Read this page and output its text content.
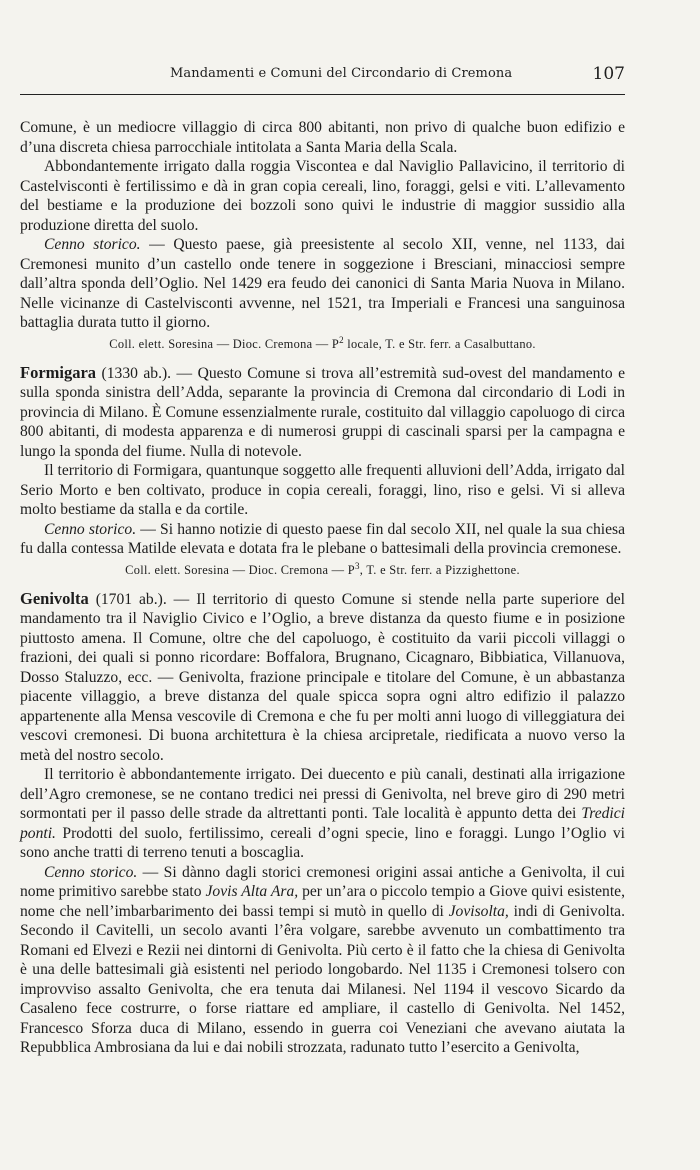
Mandamenti e Comuni del Circondario di Cremona	107

Comune, è un mediocre villaggio di circa 800 abitanti, non privo di qualche buon edifizio e d’una discreta chiesa parrocchiale intitolata a Santa Maria della Scala.

Abbondantemente irrigato dalla roggia Viscontea e dal Naviglio Pallavicino, il territorio di Castelvisconti è fertilissimo e dà in gran copia cereali, lino, foraggi, gelsi e viti. L’allevamento del bestiame e la produzione dei bozzoli sono quivi le industrie di maggior sussidio alla produzione diretta del suolo.

Cenno storico. — Questo paese, già preesistente al secolo XII, venne, nel 1133, dai Cremonesi munito d’un castello onde tenere in soggezione i Bresciani, minacciosi sempre dall’altra sponda dell’Oglio. Nel 1429 era feudo dei canonici di Santa Maria Nuova in Milano. Nelle vicinanze di Castelvisconti avvenne, nel 1521, tra Imperiali e Francesi una sanguinosa battaglia durata tutto il giorno.

Coll. elett. Soresina — Dioc. Cremona — $P^2$ locale, T. e Str. ferr. a Casalbuttano.

Formigara (1330 ab.). — Questo Comune si trova all’estremità sud-ovest del mandamento e sulla sponda sinistra dell’Adda, separante la provincia di Cremona dal circondario di Lodi in provincia di Milano. È Comune essenzialmente rurale, costituito dal villaggio capoluogo di circa 800 abitanti, di modesta apparenza e di numerosi gruppi di cascinali sparsi per la campagna e lungo la sponda del fiume. Nulla di notevole.

Il territorio di Formigara, quantunque soggetto alle frequenti alluvioni dell’Adda, irrigato dal Serio Morto e ben coltivato, produce in copia cereali, foraggi, lino, riso e gelsi. Vi si alleva molto bestiame da stalla e da cortile.

Cenno storico. — Si hanno notizie di questo paese fin dal secolo XII, nel quale la sua chiesa fu dalla contessa Matilde elevata e dotata fra le plebane o battesimali della provincia cremonese.

Coll. elett. Soresina — Dioc. Cremona — $P^3$, T. e Str. ferr. a Pizzighettone.

Genivolta (1701 ab.). — Il territorio di questo Comune si stende nella parte superiore del mandamento tra il Naviglio Civico e l’Oglio, a breve distanza da questo fiume e in posizione piuttosto amena. Il Comune, oltre che del capoluogo, è costituito da varii piccoli villaggi o frazioni, dei quali si ponno ricordare: Boffalora, Brugnano, Cicagnaro, Bibbiatica, Villanuova, Dosso Staluzzo, ecc. — Genivolta, frazione principale e titolare del Comune, è un abbastanza piacente villaggio, a breve distanza del quale spicca sopra ogni altro edifizio il palazzo appartenente alla Mensa vescovile di Cremona e che fu per molti anni luogo di villeggiatura dei vescovi cremonesi. Di buona architettura è la chiesa arcipretale, riedificata a nuovo verso la metà del nostro secolo.

Il territorio è abbondantemente irrigato. Dei duecento e più canali, destinati alla irrigazione dell’Agro cremonese, se ne contano tredici nei pressi di Genivolta, nel breve giro di 290 metri sormontati per il passo delle strade da altrettanti ponti. Tale località è appunto detta dei Tredici ponti. Prodotti del suolo, fertilissimo, cereali d’ogni specie, lino e foraggi. Lungo l’Oglio vi sono anche tratti di terreno tenuti a boscaglia.

Cenno storico. — Si dànno dagli storici cremonesi origini assai antiche a Genivolta, il cui nome primitivo sarebbe stato Jovis Alta Ara, per un’ara o piccolo tempio a Giove quivi esistente, nome che nell’imbarbarimento dei bassi tempi si mutò in quello di Jovisolta, indi di Genivolta. Secondo il Cavitelli, un secolo avanti l’êra volgare, sarebbe avvenuto un combattimento tra Romani ed Elvezi e Rezii nei dintorni di Genivolta. Più certo è il fatto che la chiesa di Genivolta è una delle battesimali già esistenti nel periodo longobardo. Nel 1135 i Cremonesi tolsero con improvviso assalto Genivolta, che era tenuta dai Milanesi. Nel 1194 il vescovo Sicardo da Casaleno fece costrurre, o forse riattare ed ampliare, il castello di Genivolta. Nel 1452, Francesco Sforza duca di Milano, essendo in guerra coi Veneziani che avevano aiutata la Repubblica Ambrosiana da lui e dai nobili strozzata, radunato tutto l’esercito a Genivolta,
